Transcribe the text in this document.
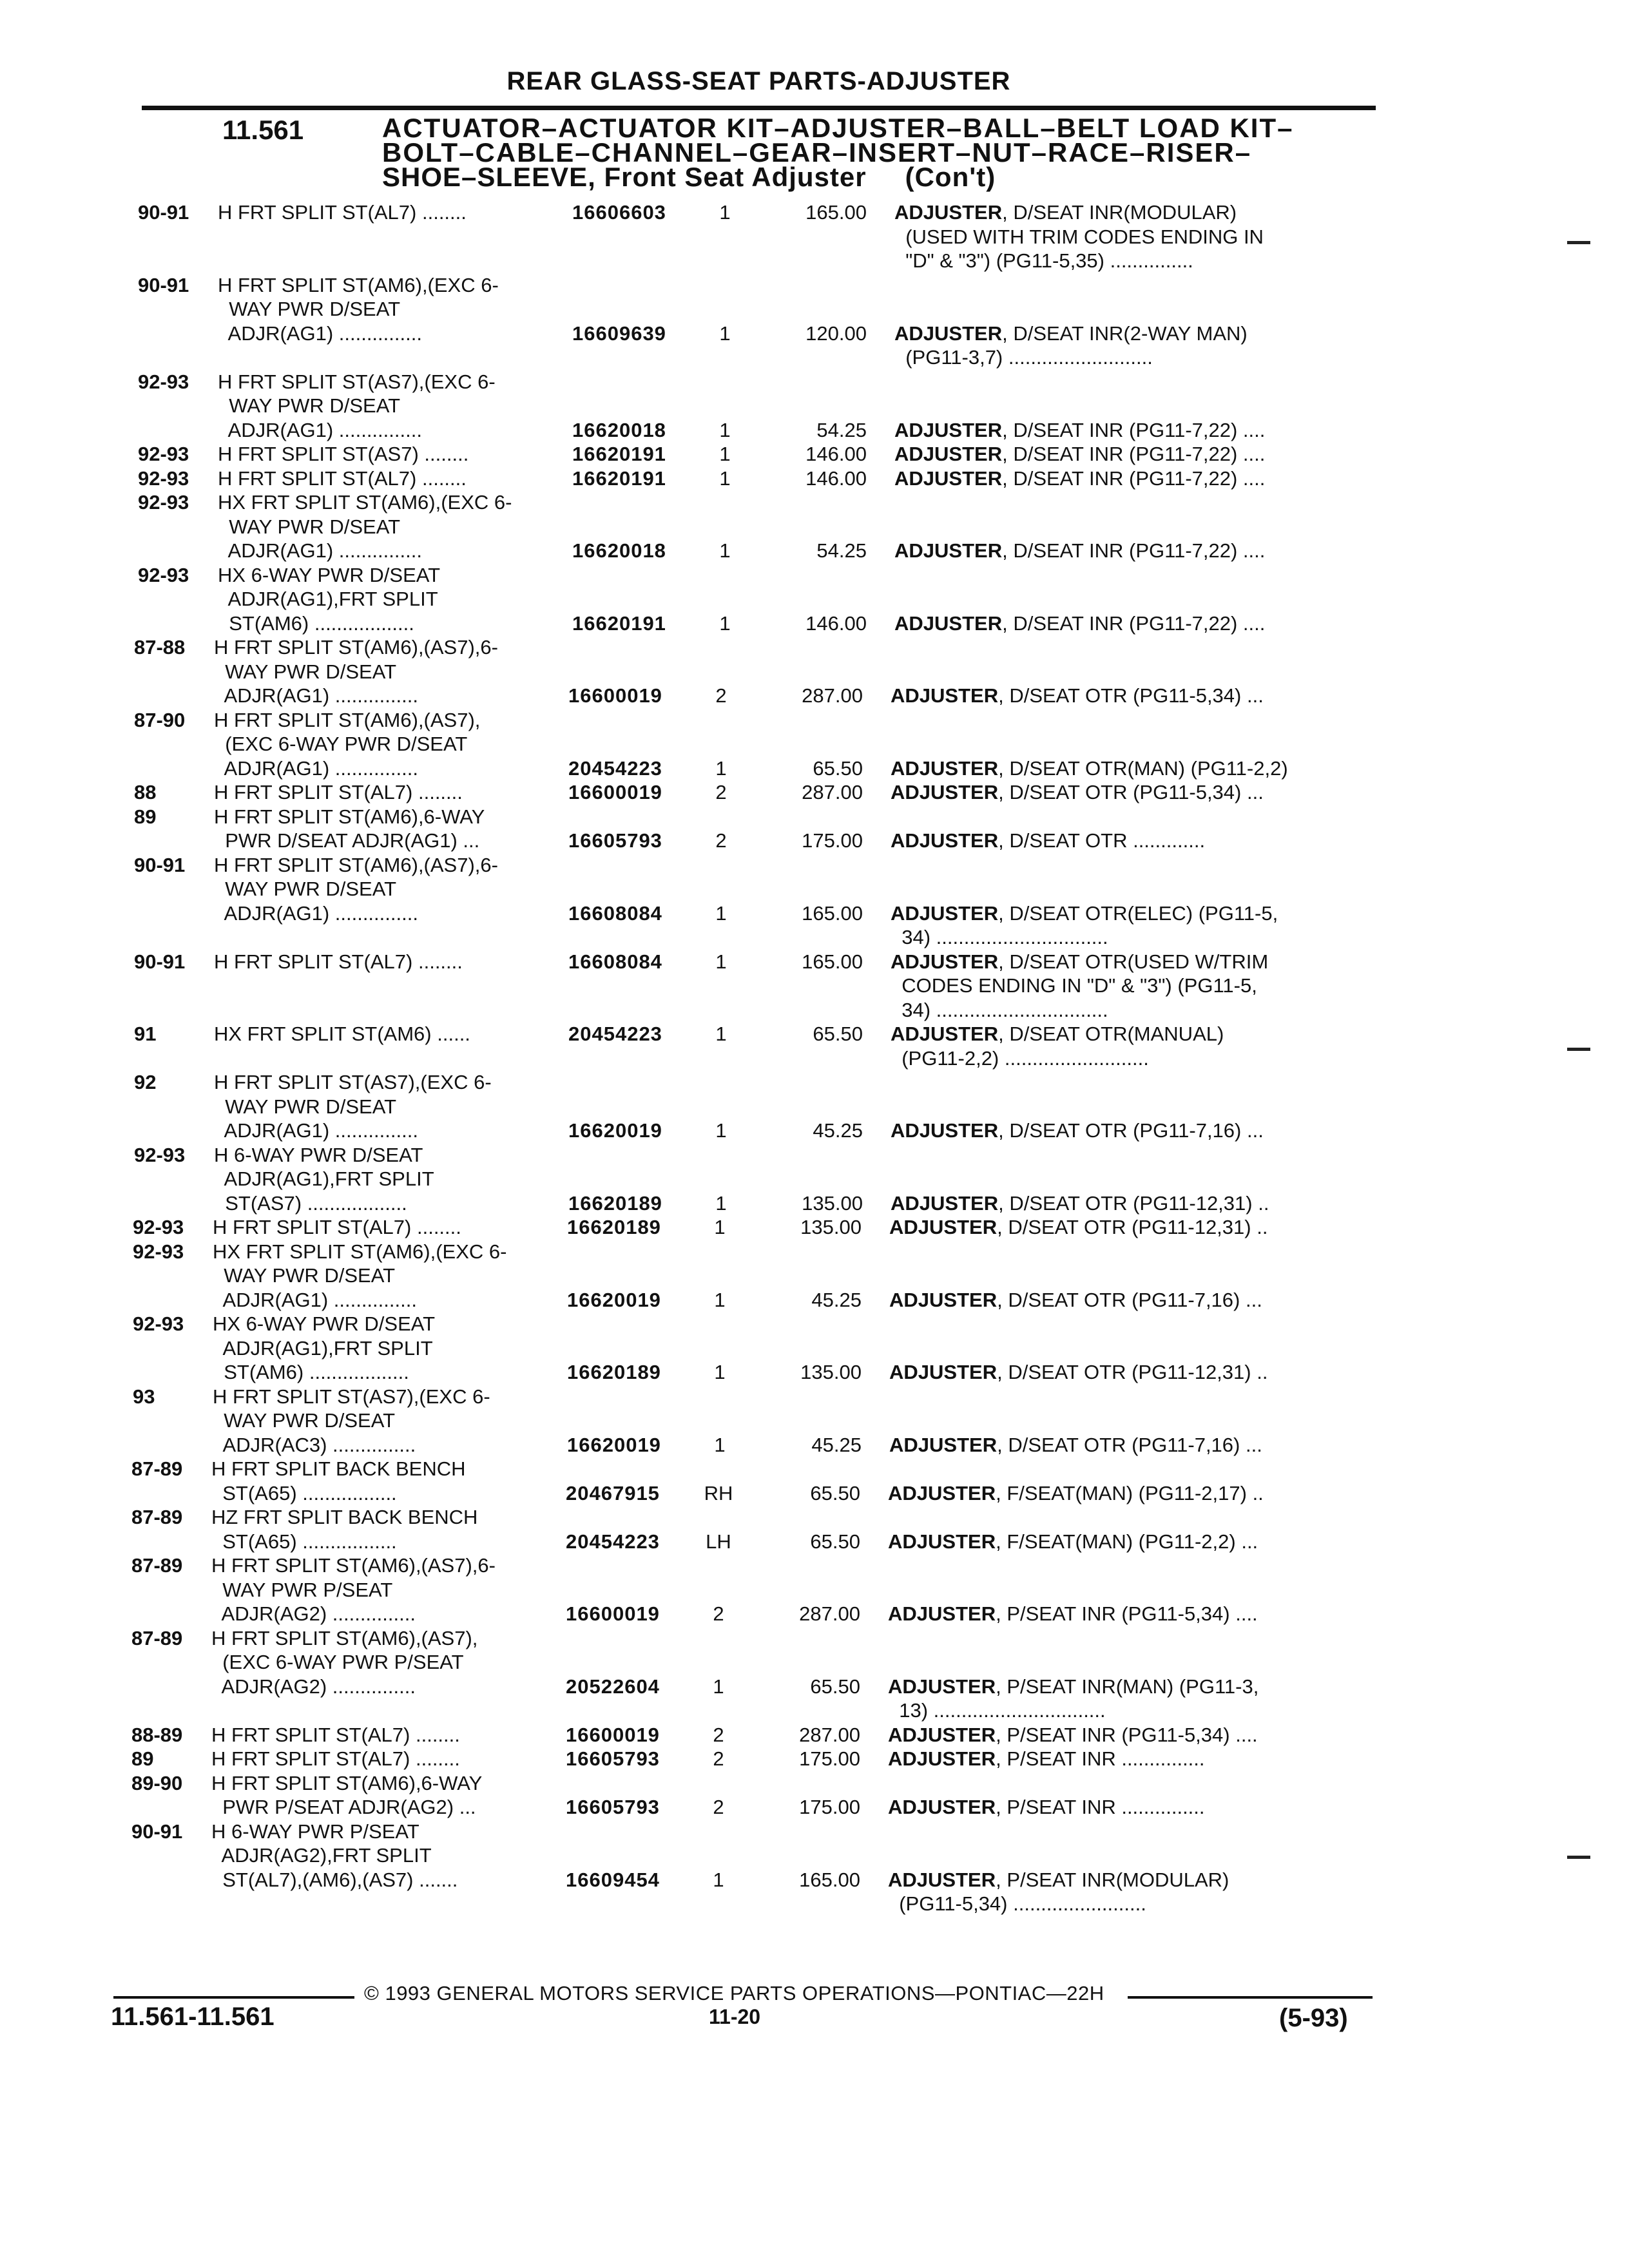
REAR GLASS-SEAT PARTS-ADJUSTER
11.561	ACTUATOR–ACTUATOR KIT–ADJUSTER–BALL–BELT LOAD KIT–
BOLT–CABLE–CHANNEL–GEAR–INSERT–NUT–RACE–RISER–
SHOE–SLEEVE, Front Seat Adjuster (Con't)
90-91 H FRT SPLIT ST(AL7) ........	16606603	1	165.00 ADJUSTER, D/SEAT INR(MODULAR)
(USED WITH TRIM CODES ENDING IN
"D" & "3") (PG11-5,35) ...............
90-91 H FRT SPLIT ST(AM6),(EXC 6-
WAY PWR D/SEAT
ADJR(AG1) ...............	16609639	1	120.00 ADJUSTER, D/SEAT INR(2-WAY MAN)
(PG11-3,7) ..........................
92-93 H FRT SPLIT ST(AS7),(EXC 6-
WAY PWR D/SEAT
ADJR(AG1) ...............	16620018	1	54.25 ADJUSTER, D/SEAT INR (PG11-7,22) ....
92-93 H FRT SPLIT ST(AS7) ........	16620191	1	146.00 ADJUSTER, D/SEAT INR (PG11-7,22) ....
92-93 H FRT SPLIT ST(AL7) ........	16620191	1	146.00 ADJUSTER, D/SEAT INR (PG11-7,22) ....
92-93 HX FRT SPLIT ST(AM6),(EXC 6-
WAY PWR D/SEAT
ADJR(AG1) ...............	16620018	1	54.25 ADJUSTER, D/SEAT INR (PG11-7,22) ....
92-93 HX 6-WAY PWR D/SEAT
ADJR(AG1),FRT SPLIT
ST(AM6) ..................	16620191	1	146.00 ADJUSTER, D/SEAT INR (PG11-7,22) ....
87-88 H FRT SPLIT ST(AM6),(AS7),6-
WAY PWR D/SEAT
ADJR(AG1) ...............	16600019	2	287.00 ADJUSTER, D/SEAT OTR (PG11-5,34) ...
87-90 H FRT SPLIT ST(AM6),(AS7),
(EXC 6-WAY PWR D/SEAT
ADJR(AG1) ...............	20454223	1	65.50 ADJUSTER, D/SEAT OTR(MAN) (PG11-2,2)
88	H FRT SPLIT ST(AL7) ........	16600019	2	287.00 ADJUSTER, D/SEAT OTR (PG11-5,34) ...
89	H FRT SPLIT ST(AM6),6-WAY
PWR D/SEAT ADJR(AG1) ...	16605793	2	175.00 ADJUSTER, D/SEAT OTR .............
90-91 H FRT SPLIT ST(AM6),(AS7),6-
WAY PWR D/SEAT
ADJR(AG1) ...............	16608084	1	165.00 ADJUSTER, D/SEAT OTR(ELEC) (PG11-5,
34) ...............................
90-91 H FRT SPLIT ST(AL7) ........	16608084	1	165.00 ADJUSTER, D/SEAT OTR(USED W/TRIM
CODES ENDING IN "D" & "3") (PG11-5,
34) ...............................
91	HX FRT SPLIT ST(AM6) ......	20454223	1	65.50 ADJUSTER, D/SEAT OTR(MANUAL)
(PG11-2,2) ..........................
92	H FRT SPLIT ST(AS7),(EXC 6-
WAY PWR D/SEAT
ADJR(AG1) ...............	16620019	1	45.25 ADJUSTER, D/SEAT OTR (PG11-7,16) ...
92-93 H 6-WAY PWR D/SEAT
ADJR(AG1),FRT SPLIT
ST(AS7) ..................	16620189	1	135.00 ADJUSTER, D/SEAT OTR (PG11-12,31) ..
92-93 H FRT SPLIT ST(AL7) ........	16620189	1	135.00 ADJUSTER, D/SEAT OTR (PG11-12,31) ..
92-93 HX FRT SPLIT ST(AM6),(EXC 6-
WAY PWR D/SEAT
ADJR(AG1) ...............	16620019	1	45.25 ADJUSTER, D/SEAT OTR (PG11-7,16) ...
92-93 HX 6-WAY PWR D/SEAT
ADJR(AG1),FRT SPLIT
ST(AM6) ..................	16620189	1	135.00 ADJUSTER, D/SEAT OTR (PG11-12,31) ..
93	H FRT SPLIT ST(AS7),(EXC 6-
WAY PWR D/SEAT
ADJR(AC3) ...............	16620019	1	45.25 ADJUSTER, D/SEAT OTR (PG11-7,16) ...
87-89 H FRT SPLIT BACK BENCH
ST(A65) .................	20467915	RH	65.50 ADJUSTER, F/SEAT(MAN) (PG11-2,17) ..
87-89 HZ FRT SPLIT BACK BENCH
ST(A65) .................	20454223	LH	65.50 ADJUSTER, F/SEAT(MAN) (PG11-2,2) ...
87-89 H FRT SPLIT ST(AM6),(AS7),6-
WAY PWR P/SEAT
ADJR(AG2) ...............	16600019	2	287.00 ADJUSTER, P/SEAT INR (PG11-5,34) ....
87-89 H FRT SPLIT ST(AM6),(AS7),
(EXC 6-WAY PWR P/SEAT
ADJR(AG2) ...............	20522604	1	65.50 ADJUSTER, P/SEAT INR(MAN) (PG11-3,
13) ...............................
88-89 H FRT SPLIT ST(AL7) ........	16600019	2	287.00 ADJUSTER, P/SEAT INR (PG11-5,34) ....
89	H FRT SPLIT ST(AL7) ........	16605793	2	175.00 ADJUSTER, P/SEAT INR ...............
89-90 H FRT SPLIT ST(AM6),6-WAY
PWR P/SEAT ADJR(AG2) ...	16605793	2	175.00 ADJUSTER, P/SEAT INR ...............
90-91 H 6-WAY PWR P/SEAT
ADJR(AG2),FRT SPLIT
ST(AL7),(AM6),(AS7) .......	16609454	1	165.00 ADJUSTER, P/SEAT INR(MODULAR)
(PG11-5,34) ........................
© 1993 GENERAL MOTORS SERVICE PARTS OPERATIONS—PONTIAC—22H
11.561-11.561	11-20	(5-93)
